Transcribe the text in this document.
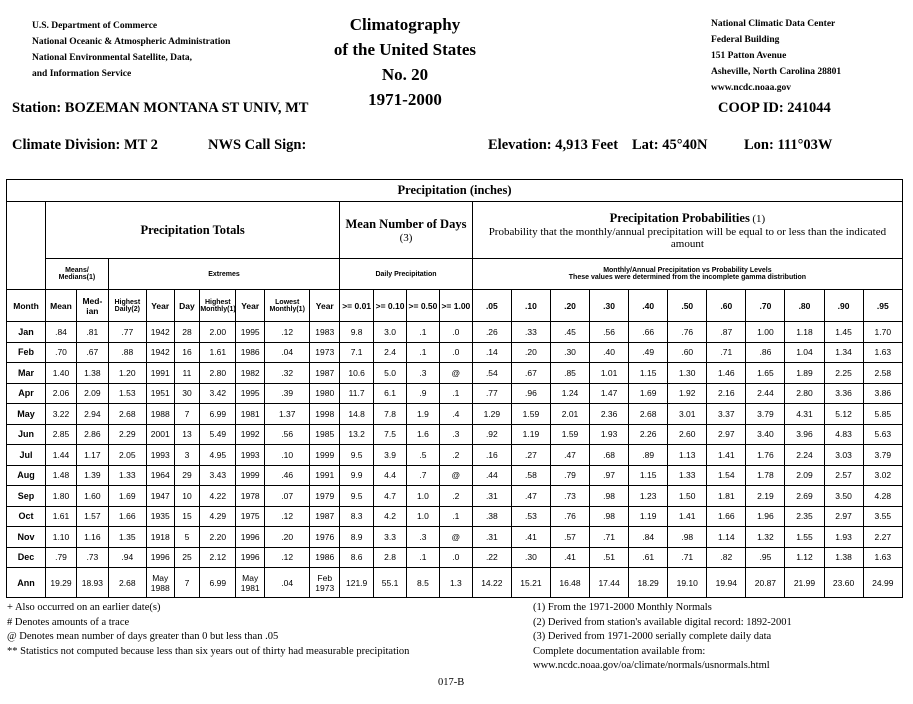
U.S. Department of Commerce
National Oceanic & Atmospheric Administration
National Environmental Satellite, Data,
and Information Service
Climatography
of the United States
No. 20
1971-2000
National Climatic Data Center
Federal Building
151 Patton Avenue
Asheville, North Carolina 28801
www.ncdc.noaa.gov
Station: BOZEMAN MONTANA ST UNIV, MT	COOP ID: 241044
Climate Division: MT 2	NWS Call Sign:	Elevation: 4,913 Feet Lat: 45°40N	Lon: 111°03W
Precipitation (inches)																								
	Precipitation Totals									Mean Number of Days (3)				Precipitation Probabilities (1)
Probability that the monthly/annual precipitation will be equal to or less than the indicated amount										

	Means/ Medians(1)		Extremes							Daily Precipitation				Monthly/Annual Precipitation vs Probability Levels
These values were determined from the incomplete gamma distribution										

Month	Mean	Med- ian	Highest Daily(2)	Year	Day	Highest Monthly(1)	Year	Lowest Monthly(1)	Year	>= 0.01	>= 0.10	>= 0.50	>= 1.00	.05	.10	.20	.30	.40	.50	.60	.70	.80	.90	.95
Jan	.84	.81	.77	1942	28	2.00	1995	.12	1983	9.8	3.0	.1	.0	.26	.33	.45	.56	.66	.76	.87	1.00	1.18	1.45	1.70
Feb	.70	.67	.88	1942	16	1.61	1986	.04	1973	7.1	2.4	.1	.0	.14	.20	.30	.40	.49	.60	.71	.86	1.04	1.34	1.63
Mar	1.40	1.38	1.20	1991	11	2.80	1982	.32	1987	10.6	5.0	.3	@	.54	.67	.85	1.01	1.15	1.30	1.46	1.65	1.89	2.25	2.58
Apr	2.06	2.09	1.53	1951	30	3.42	1995	.39	1980	11.7	6.1	.9	.1	.77	.96	1.24	1.47	1.69	1.92	2.16	2.44	2.80	3.36	3.86
May	3.22	2.94	2.68	1988	7	6.99	1981	1.37	1998	14.8	7.8	1.9	.4	1.29	1.59	2.01	2.36	2.68	3.01	3.37	3.79	4.31	5.12	5.85
Jun	2.85	2.86	2.29	2001	13	5.49	1992	.56	1985	13.2	7.5	1.6	.3	.92	1.19	1.59	1.93	2.26	2.60	2.97	3.40	3.96	4.83	5.63
Jul	1.44	1.17	2.05	1993	3	4.95	1993	.10	1999	9.5	3.9	.5	.2	.16	.27	.47	.68	.89	1.13	1.41	1.76	2.24	3.03	3.79
Aug	1.48	1.39	1.33	1964	29	3.43	1999	.46	1991	9.9	4.4	.7	@	.44	.58	.79	.97	1.15	1.33	1.54	1.78	2.09	2.57	3.02
Sep	1.80	1.60	1.69	1947	10	4.22	1978	.07	1979	9.5	4.7	1.0	.2	.31	.47	.73	.98	1.23	1.50	1.81	2.19	2.69	3.50	4.28
Oct	1.61	1.57	1.66	1935	15	4.29	1975	.12	1987	8.3	4.2	1.0	.1	.38	.53	.76	.98	1.19	1.41	1.66	1.96	2.35	2.97	3.55
Nov	1.10	1.16	1.35	1918	5	2.20	1996	.20	1976	8.9	3.3	.3	@	.31	.41	.57	.71	.84	.98	1.14	1.32	1.55	1.93	2.27
Dec	.79	.73	.94	1996	25	2.12	1996	.12	1986	8.6	2.8	.1	.0	.22	.30	.41	.51	.61	.71	.82	.95	1.12	1.38	1.63
Ann	19.29	18.93	2.68	May 1988	7	6.99	May 1981	.04	Feb 1973	121.9	55.1	8.5	1.3	14.22	15.21	16.48	17.44	18.29	19.10	19.94	20.87	21.99	23.60	24.99
+ Also occurred on an earlier date(s)
# Denotes amounts of a trace
@ Denotes mean number of days greater than 0 but less than .05
** Statistics not computed because less than six years out of thirty had measurable precipitation
(1) From the 1971-2000 Monthly Normals
(2) Derived from station's available digital record: 1892-2001
(3) Derived from 1971-2000 serially complete daily data
Complete documentation available from:
www.ncdc.noaa.gov/oa/climate/normals/usnormals.html
017-B
